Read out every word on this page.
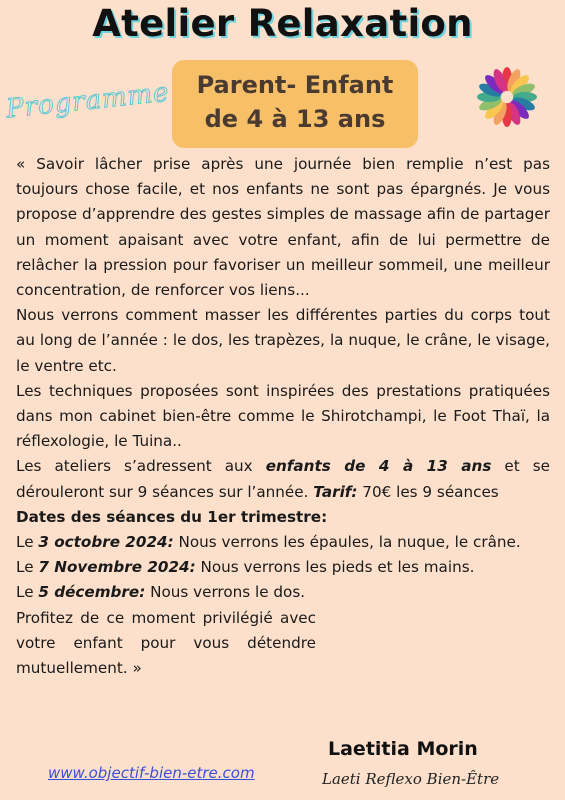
Atelier Relaxation
Programme	Parent- Enfant
de 4 à 13 ans

« Savoir lâcher prise après une journée bien remplie n’est pas toujours chose facile, et nos enfants ne sont pas épargnés. Je vous propose d’apprendre des gestes simples de massage afin de partager un moment apaisant avec votre enfant, afin de lui permettre de relâcher la pression pour favoriser un meilleur sommeil, une meilleur concentration, de renforcer vos liens...

Nous verrons comment masser les différentes parties du corps tout au long de l’année : le dos, les trapèzes, la nuque, le crâne, le visage, le ventre etc.

Les techniques proposées sont inspirées des prestations pratiquées dans mon cabinet bien-être comme le Shirotchampi, le Foot Thaï, la réflexologie, le Tuina..

Les ateliers s’adressent aux enfants de 4 à 13 ans et se dérouleront sur 9 séances sur l’année. Tarif: 70€ les 9 séances

Dates des séances du 1er trimestre:

Le 3 octobre 2024: Nous verrons les épaules, la nuque, le crâne.

Le 7 Novembre 2024: Nous verrons les pieds et les mains.

Le 5 décembre: Nous verrons le dos.

Profitez de ce moment privilégié avec votre enfant pour vous détendre mutuellement. »

Laetitia Morin
Laeti Reflexo Bien-Être
www.objectif-bien-etre.com
